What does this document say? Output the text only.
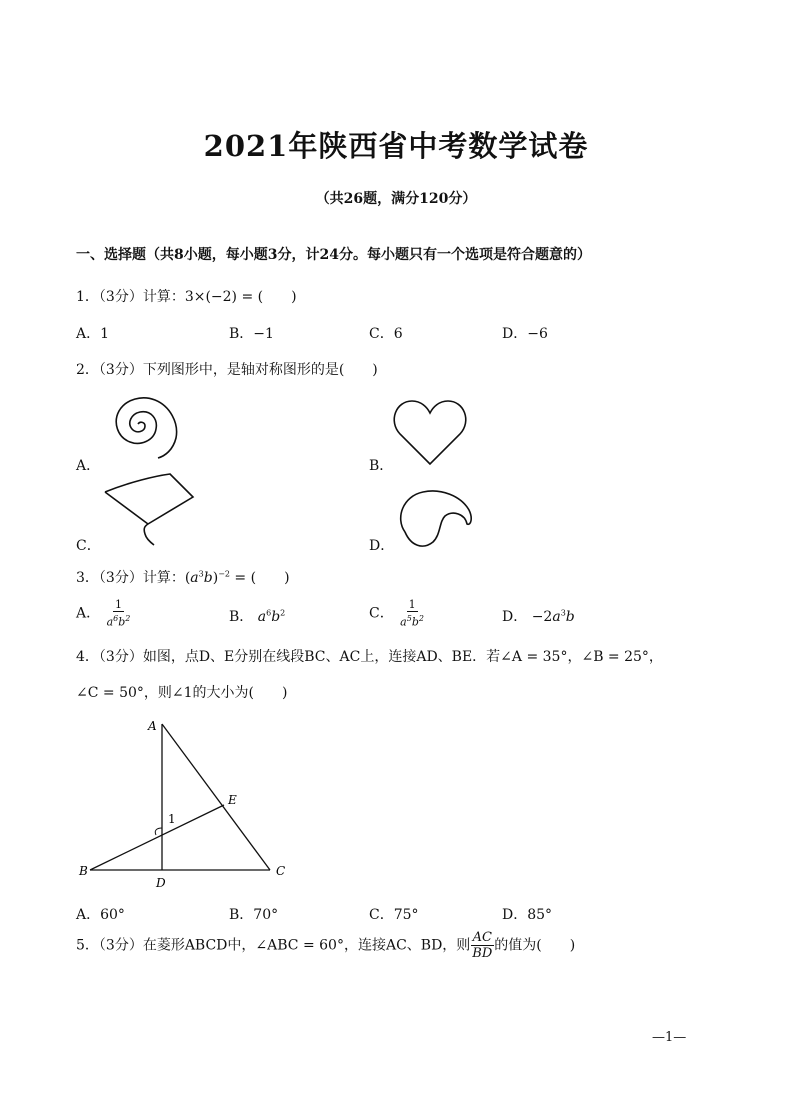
2021年陕西省中考数学试卷
（共26题，满分120分）
一、选择题（共8小题，每小题3分，计24分。每小题只有一个选项是符合题意的）
1．（3分）计算：3×(−2) = (　　)
A．1	B．−1	C．6	D．−6
2．（3分）下列图形中，是轴对称图形的是(　　)
A．	B．
C．	D．
3．（3分）计算：$(a^3b)^{-2}$ = (　　)
A． $\frac{1}{a^6b^2}$	B． $a^6b^2$	C． $\frac{1}{a^5b^2}$	D． $-2a^3b$
4．（3分）如图，点D、E分别在线段BC、AC上，连接AD、BE．若∠A = 35°，∠B = 25°，
∠C = 50°，则∠1的大小为(　　)
A
E
1
B	C
D
A．60°	B．70°	C．75°	D．85°
5．（3分）在菱形ABCD中，∠ABC = 60°，连接AC、BD，则 $\frac{AC}{BD}$ 的值为(　　)
—1—
